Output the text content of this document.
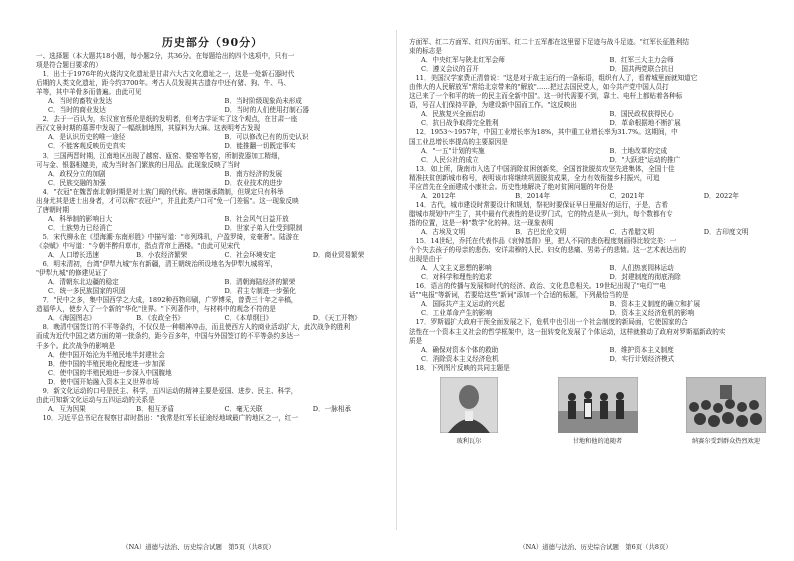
历史部分（90分）
一、选择题（本大题共18小题，每小题2分，共36分。在每题给出的四个选项中，只有一
项是符合题目要求的）
　1．出土于1976年的火烧沟文化遗址是甘肃六大古文化遗址之一，这是一处新石器时代
后期的人类文化遗址，距今约3700年。考古人员发现其古遗存中还有猪、狗、牛、马、
羊等，其中羊骨多而普遍。由此可见
A．当时的畜牧业发达	B．当时阶级现象尚未形成
C．当时的商业发达	D．当时的人们使用打制石器
　2．去于一百认为，东汉宦官蔡伦是纸的发明者，但考古学证实了这个观点，在甘肃一座
西汉文景时期的墓葬中发现了一幅纸制地图，其原料为大麻。这表明考古发现
A．是认识历史的唯一途径	B．可以修改已有的历史认识
C．不能客观反映历史真实	D．能推翻一切既定事实
　3．三国两晋时期，江南地区出现了越窑、瓯窑、婺窑等名窑，所制瓷器加工精细，
可与金、银器相媲美，成为当时各门繁族的日用品。此现象反映了当时
A．政权分立的加剧	B．南方经济的发展
C．民族交融的加强	D．农业技术的进步
　4．"衣冠"在魏晋南北朝时期是对士族门阀的代称。唐初继承隋制，但规定只有科举
出身尤其是进士出身者，才可以称"衣冠户"，并且此类户口可"免一门差徭"。这一现象反映
了唐朝时期
A．科举制的影响日大	B．社会风气日益开放
C．士族势力已经消亡	D．世家子弟入仕受到限制
　5．宋代柳永在《望海潮·东南形胜》中描写道："市列珠玑，户盈罗绮，竞豪奢"。陆游在
《杂赋》中写道："今朝半醉归草市，指点青帘上酒楼。"由此可见宋代
A．人口增长迅速	B．小农经济繁荣	C．社会环境安定	D．商业贸易繁荣
　6．明末清初，台湾"伊犁九城"东有新疆，清王朝统治所设地名为伊犁九城将军，
"伊犁九城"的修建见证了
A．清朝东北边疆的稳定	B．清朝海陆经济的繁荣
C．统一多民族国家的巩固	D．君主专制进一步强化
　7．"民中之多，集中国西学之大成，1892种西物印刷，广罗博采，曾费三十年之辛稿，
造福华人，使步入了一个新的"华化"世界。"下列著作中，与材料中的观念不符的是
A．《海国图志》	B．《农政全书》	C．《本草纲目》	D．《天工开物》
　8．晚清中国签订的不平等条约，不仅仅是一种精神冲击，而且使西方人的商业活动扩大，此次战争的胜利
而成为近代中国之诸方面的第一批条约，距今百多年，中国与外国签订的不平等条约多达一
千多个。此次战争的影响是
A．使中国开始沦为半殖民地半封建社会
B．使中国的半殖民地化程度进一步加深
C．使中国的半殖民地进一步深入中国腹地
D．使中国开始融入资本主义世界市场
　9．新文化运动的口号是民主、科学，五四运动的精神主要是爱国、进步、民主、科学，
由此可知新文化运动与五四运动的关系是
A．互为因果	B．相互矛盾	C．毫无关联	D．一脉相承
　10．习近平总书记在视察甘肃时指出："我常是红军长征途经地域最广的地区之一，红一
（NA）道德与法治、历史综合试题　第5页（共8页）
方面军、红二方面军、红四方面军、红二十五军都在这里留下足迹与战斗足迹。"红军长征胜利结
束的标志是
A．中央红军与陕北红军会师	B．红军三大主力会师
C．遵义会议的召开	D．国共两党联合抗日
　11．美国汉学家费正清曾说："这是对于敌主运行的一条标语，组织有人了，看着城里面就知道它
由伟大的人民解放军"常给北京带来的"解放"……把过去国民党人，如今共产党中国人员打
这已来了一个和平的统一的民主而全新中国"。这一时代需要不到，靠土、电杆上都贴着各种标
语，号召人们保持平静，为建设新中国而工作。"这反映出
A．民族复兴全面启动	B．国民政权获得民心
C．抗日战争取得完全胜利	D．革命根据地不断扩展
　12．1953～1957年，中国工业增长率为18%，其中重工业增长率为31.7%。这期间，中
国工业总增长率提高的主要原因是
A．"一五"计划的实施	B．土地改革的完成
C．人民公社的成立	D．"大跃进"运动的推广
　13．如上所，陇南市入选了中国消除贫困创新奖，全国首批脱贫攻坚先进集体，全国十佳
精准扶贫创新城市称号，表明该市将继续巩固脱贫成果，全力有效衔接乡村振兴，可追
平应首先在全面建成小康社会。历史性地解决了绝对贫困问题的年份是
A．2012年	B．2014年	C．2021年	D．2022年
　14．古代，城市建设时常要设计和规划，祭祀时要保证早日里最好的运行，于是，古希
腊城市规划中产生了，其中最有代表性的是设罗门式，它的特点是从一到九，每个数都有专
指的位置，这是一种"数学"化的神。这一现象表明
A．古埃及文明	B．古巴比伦文明	C．古希腊文明	D．古印度文明
　15．14世纪，乔托在代表作品《哀悼基督》里，把人不同的悲伤程度刻画得比较完美：一
个个失去孩子的母亲的悲伤、安详肃穆的人民、妇女的悲痛、男弟子的悲恸。这一艺术表达出的
出现是由于
A．人文主义思想的影响	B．人们热衷园林运动
C．对科学和理性的追求	D．封建制度的彻底消除
　16．语言的传播与发展和时代的经济、政治、文化息息相关。19世纪出现了"电灯""电
话""电报"等新词，若要给这些"新词"添加一个合适的标题，下列最恰当的是
A．国际共产主义运动的兴起	B．资本主义制度的确立和扩展
C．工业革命产生的影响	D．资本主义经济危机的影响
　17．罗斯福扩大政府干预全面发展之下，危机中也引出一个社会制度的新局面，它使国家的合
法性在一个资本主义社会的哲学框架中，这一扭转变化发展了个体运动，这样就推动了政府对罗斯福新政的实
质是
A．确保对资本个体的救助	B．维护资本主义制度
C．消除资本主义经济危机	D．实行计划经济模式
　18．下列图片反映的共同主题是
玻利瓦尔	甘地和他的追随者	纳赛尔受到群众热烈欢迎
（NA）道德与法治、历史综合试题　第6页（共8页）
